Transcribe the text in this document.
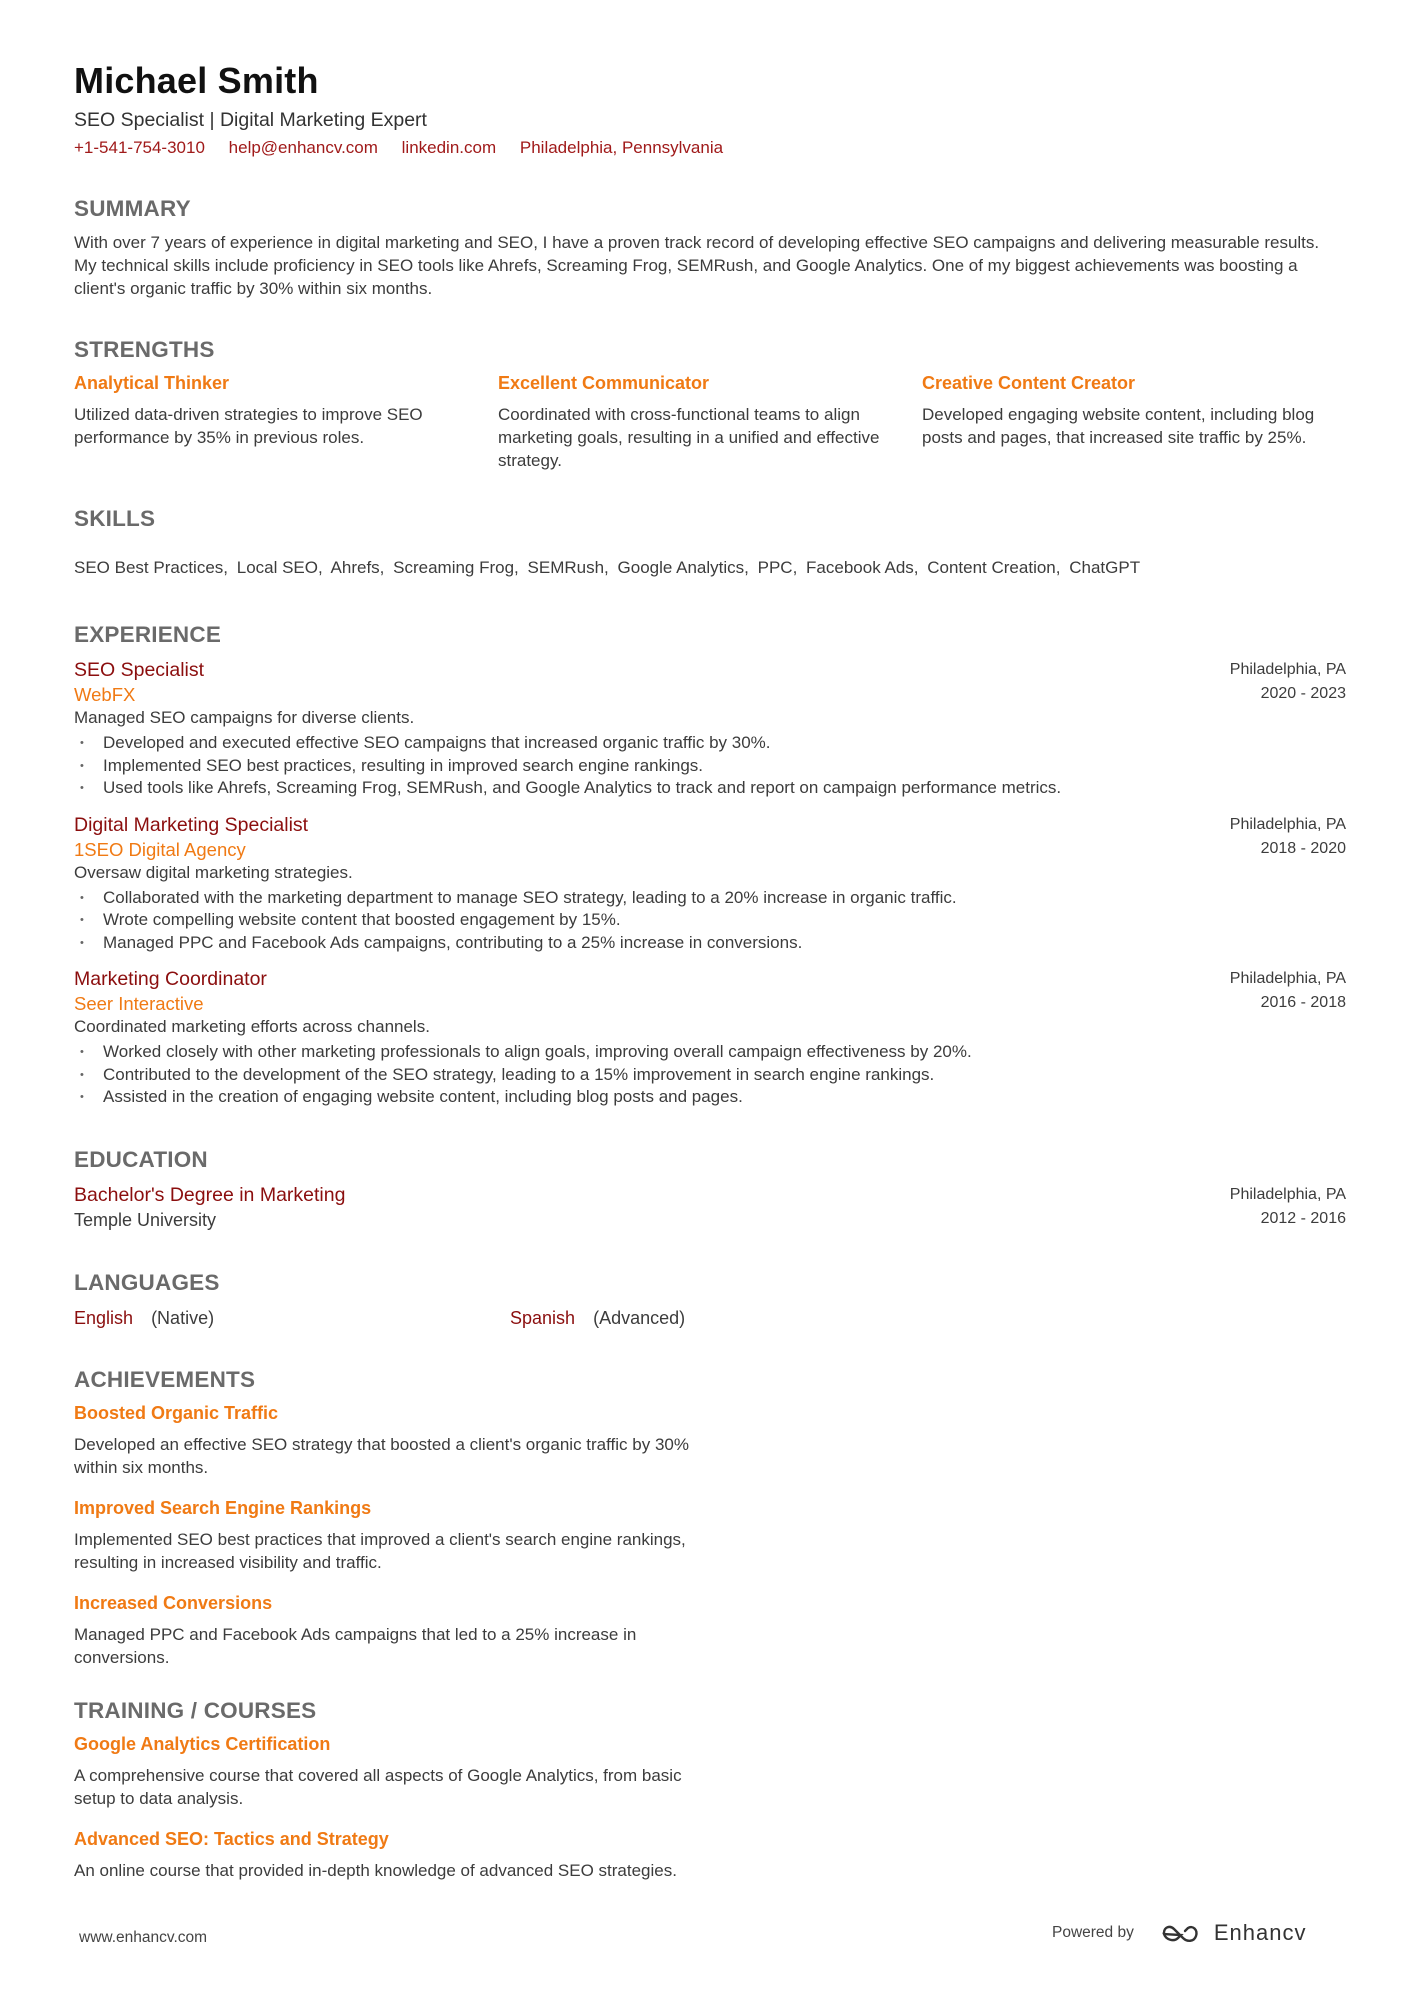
Michael Smith
SEO Specialist | Digital Marketing Expert
+1-541-754-3010 help@enhancv.com linkedin.com Philadelphia, Pennsylvania
SUMMARY
With over 7 years of experience in digital marketing and SEO, I have a proven track record of developing effective SEO campaigns and delivering measurable results. My technical skills include proficiency in SEO tools like Ahrefs, Screaming Frog, SEMRush, and Google Analytics. One of my biggest achievements was boosting a client's organic traffic by 30% within six months.
STRENGTHS
Analytical Thinker

Utilized data-driven strategies to improve SEO performance by 35% in previous roles.

Excellent Communicator

Coordinated with cross-functional teams to align marketing goals, resulting in a unified and effective strategy.

Creative Content Creator

Developed engaging website content, including blog posts and pages, that increased site traffic by 25%.

SKILLS
SEO Best Practices, Local SEO, Ahrefs, Screaming Frog, SEMRush, Google Analytics, PPC, Facebook Ads, Content Creation, ChatGPT
EXPERIENCE
SEO Specialist
WebFX
Managed SEO campaigns for diverse clients.
• Developed and executed effective SEO campaigns that increased organic traffic by 30%.
• Implemented SEO best practices, resulting in improved search engine rankings.
• Used tools like Ahrefs, Screaming Frog, SEMRush, and Google Analytics to track and report on campaign performance metrics.
Philadelphia, PA
2020 - 2023
Digital Marketing Specialist
1SEO Digital Agency
Oversaw digital marketing strategies.
• Collaborated with the marketing department to manage SEO strategy, leading to a 20% increase in organic traffic.
• Wrote compelling website content that boosted engagement by 15%.
• Managed PPC and Facebook Ads campaigns, contributing to a 25% increase in conversions.
Philadelphia, PA
2018 - 2020
Marketing Coordinator
Seer Interactive
Coordinated marketing efforts across channels.
• Worked closely with other marketing professionals to align goals, improving overall campaign effectiveness by 20%.
• Contributed to the development of the SEO strategy, leading to a 15% improvement in search engine rankings.
• Assisted in the creation of engaging website content, including blog posts and pages.
Philadelphia, PA
2016 - 2018
EDUCATION
Bachelor's Degree in Marketing
Temple University
Philadelphia, PA
2012 - 2016
LANGUAGES
English (Native)	Spanish (Advanced)
ACHIEVEMENTS
Boosted Organic Traffic

Developed an effective SEO strategy that boosted a client's organic traffic by 30% within six months.

Improved Search Engine Rankings

Implemented SEO best practices that improved a client's search engine rankings, resulting in increased visibility and traffic.

Increased Conversions

Managed PPC and Facebook Ads campaigns that led to a 25% increase in conversions.

TRAINING / COURSES
Google Analytics Certification

A comprehensive course that covered all aspects of Google Analytics, from basic setup to data analysis.

Advanced SEO: Tactics and Strategy

An online course that provided in-depth knowledge of advanced SEO strategies.

www.enhancv.com	Powered by	Enhancv
